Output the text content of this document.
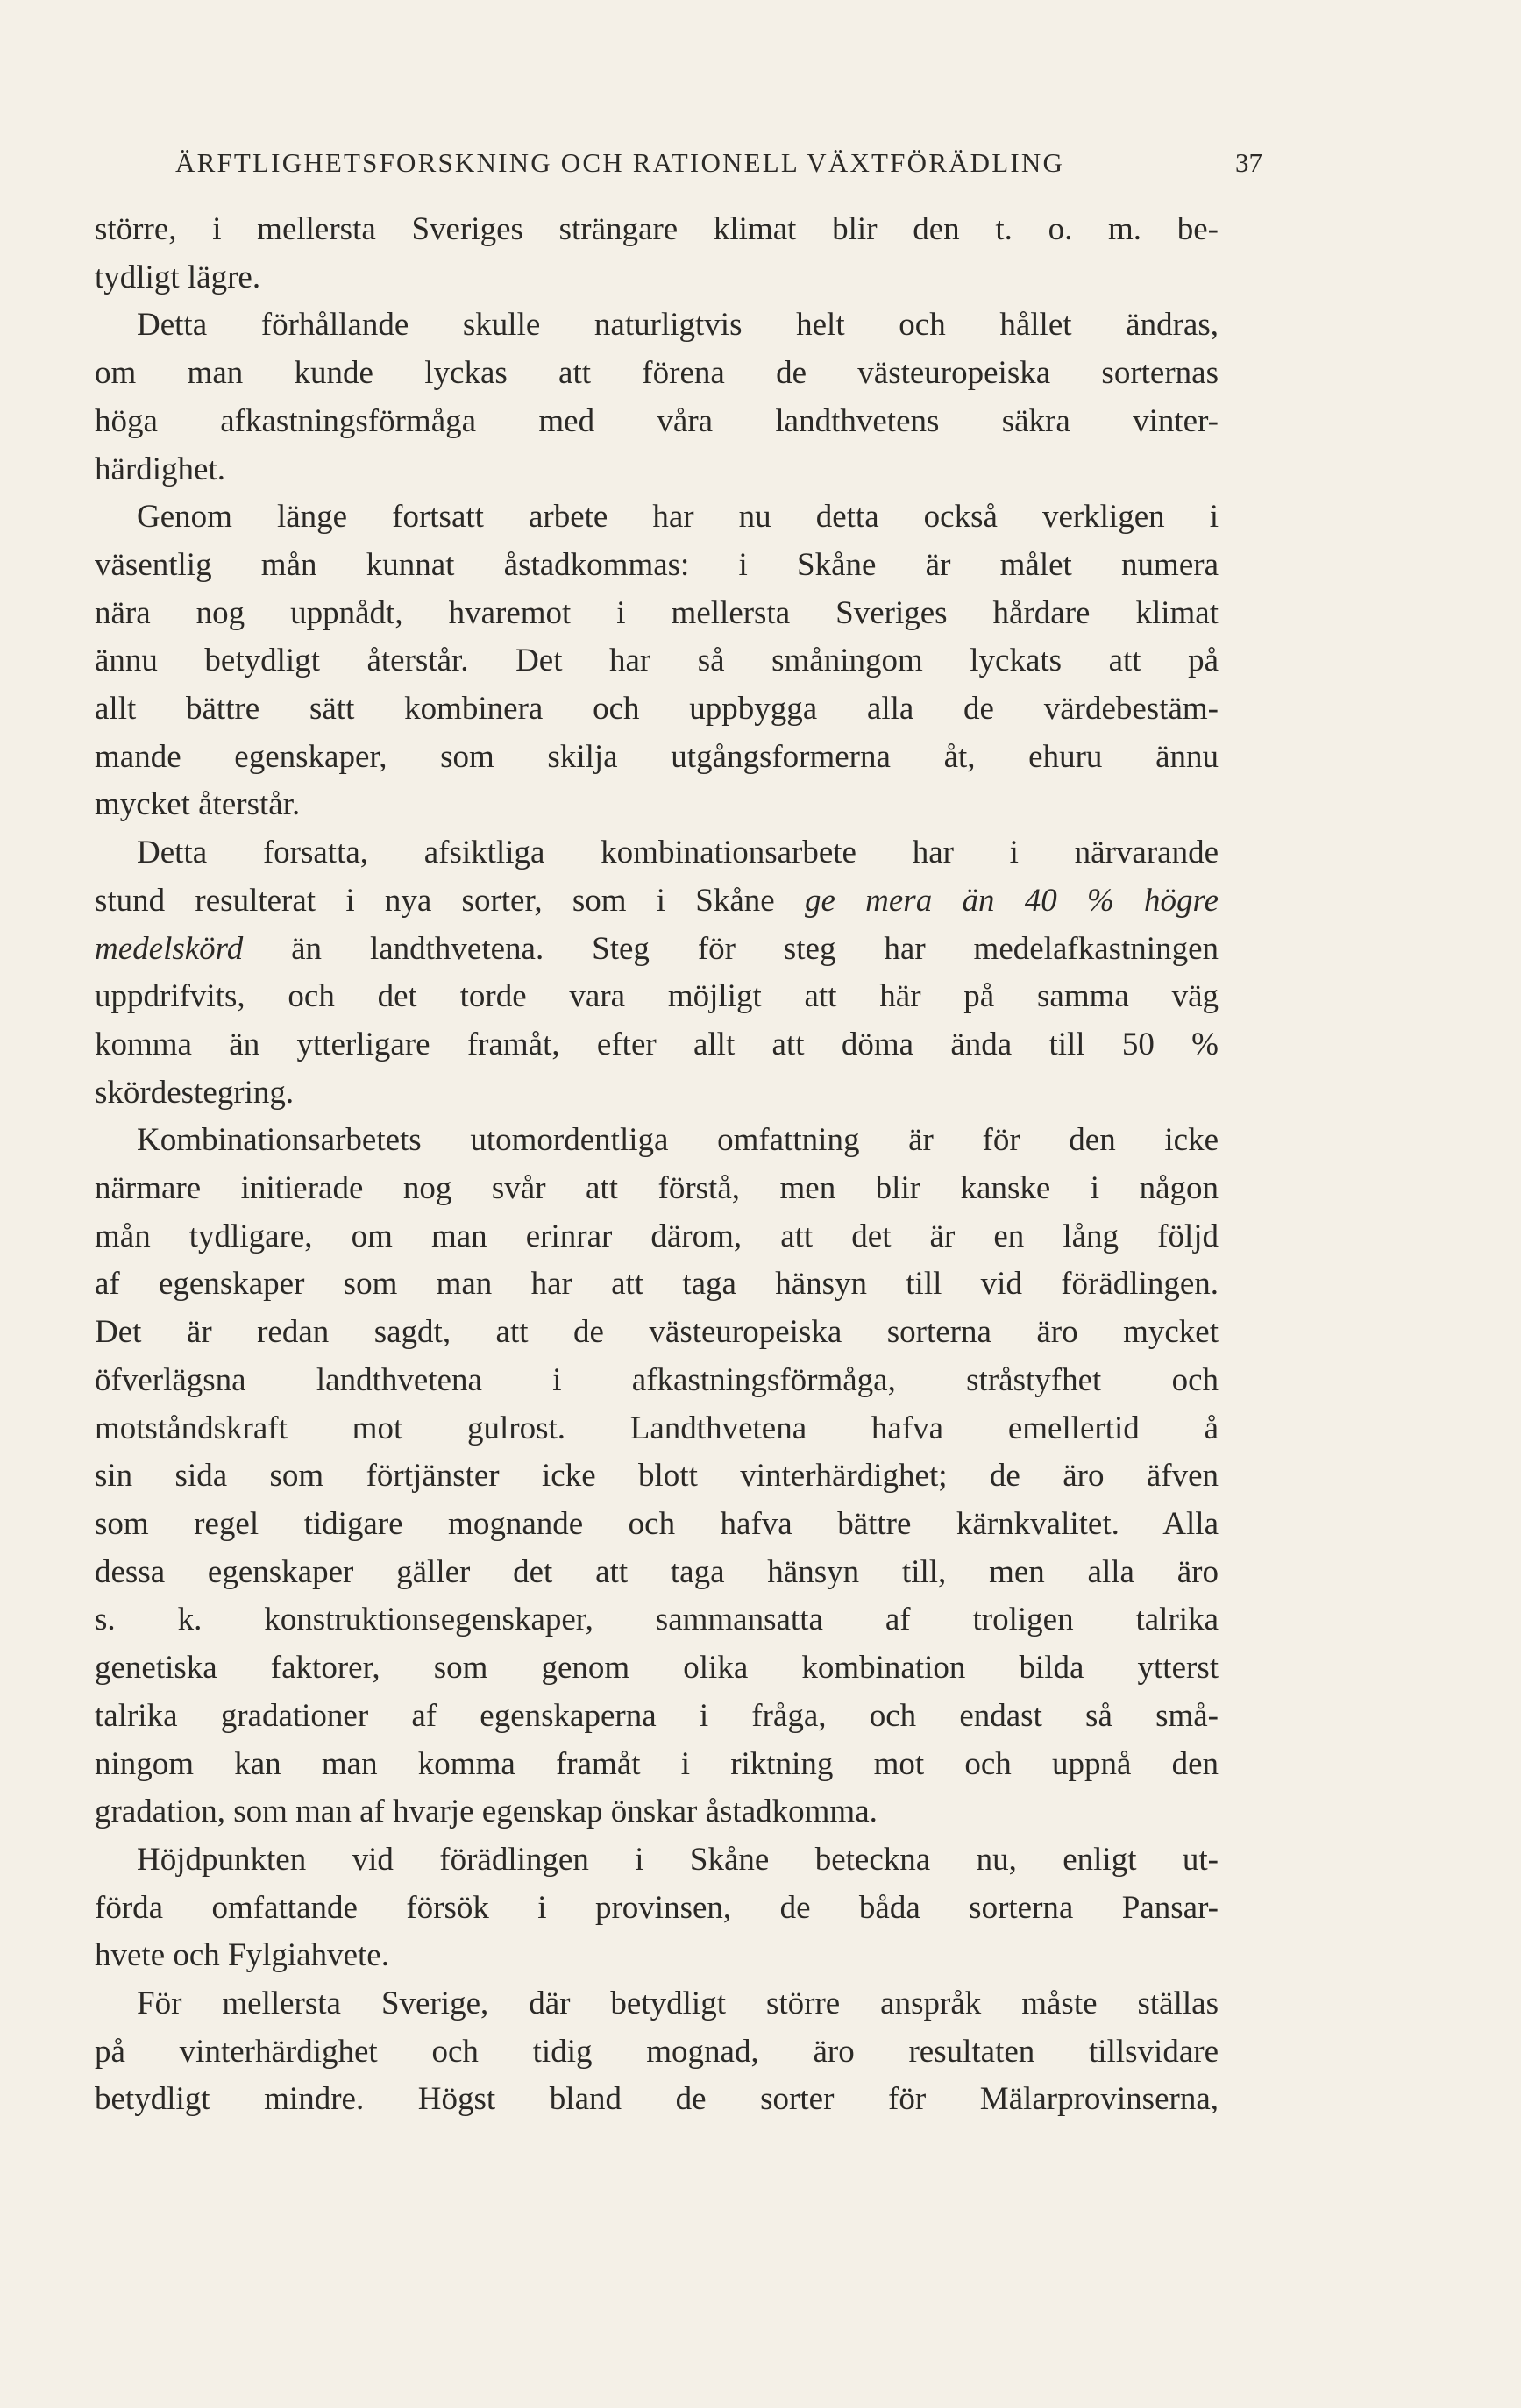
ÄRFTLIGHETSFORSKNING OCH RATIONELL VÄXTFÖRÄDLING	37
större, i mellersta Sveriges strängare klimat blir den t. o. m. be-
tydligt lägre.
Detta förhållande skulle naturligtvis helt och hållet ändras,
om man kunde lyckas att förena de västeuropeiska sorternas
höga afkastningsförmåga med våra landthvetens säkra vinter-
härdighet.
Genom länge fortsatt arbete har nu detta också verkligen i
väsentlig mån kunnat åstadkommas: i Skåne är målet numera
nära nog uppnådt, hvaremot i mellersta Sveriges hårdare klimat
ännu betydligt återstår. Det har så småningom lyckats att på
allt bättre sätt kombinera och uppbygga alla de värdebestäm-
mande egenskaper, som skilja utgångsformerna åt, ehuru ännu
mycket återstår.
Detta forsatta, afsiktliga kombinationsarbete har i närvarande
stund resulterat i nya sorter, som i Skåne ge mera än 40 % högre
medelskörd än landthvetena. Steg för steg har medelafkastningen
uppdrifvits, och det torde vara möjligt att här på samma väg
komma än ytterligare framåt, efter allt att döma ända till 50 %
skördestegring.
Kombinationsarbetets utomordentliga omfattning är för den icke
närmare initierade nog svår att förstå, men blir kanske i någon
mån tydligare, om man erinrar därom, att det är en lång följd
af egenskaper som man har att taga hänsyn till vid förädlingen.
Det är redan sagdt, att de västeuropeiska sorterna äro mycket
öfverlägsna landthvetena i afkastningsförmåga, stråstyfhet och
motståndskraft mot gulrost. Landthvetena hafva emellertid å
sin sida som förtjänster icke blott vinterhärdighet; de äro äfven
som regel tidigare mognande och hafva bättre kärnkvalitet. Alla
dessa egenskaper gäller det att taga hänsyn till, men alla äro
s. k. konstruktionsegenskaper, sammansatta af troligen talrika
genetiska faktorer, som genom olika kombination bilda ytterst
talrika gradationer af egenskaperna i fråga, och endast så små-
ningom kan man komma framåt i riktning mot och uppnå den
gradation, som man af hvarje egenskap önskar åstadkomma.
Höjdpunkten vid förädlingen i Skåne beteckna nu, enligt ut-
förda omfattande försök i provinsen, de båda sorterna Pansar-
hvete och Fylgiahvete.
För mellersta Sverige, där betydligt större anspråk måste ställas
på vinterhärdighet och tidig mognad, äro resultaten tillsvidare
betydligt mindre. Högst bland de sorter för Mälarprovinserna,
